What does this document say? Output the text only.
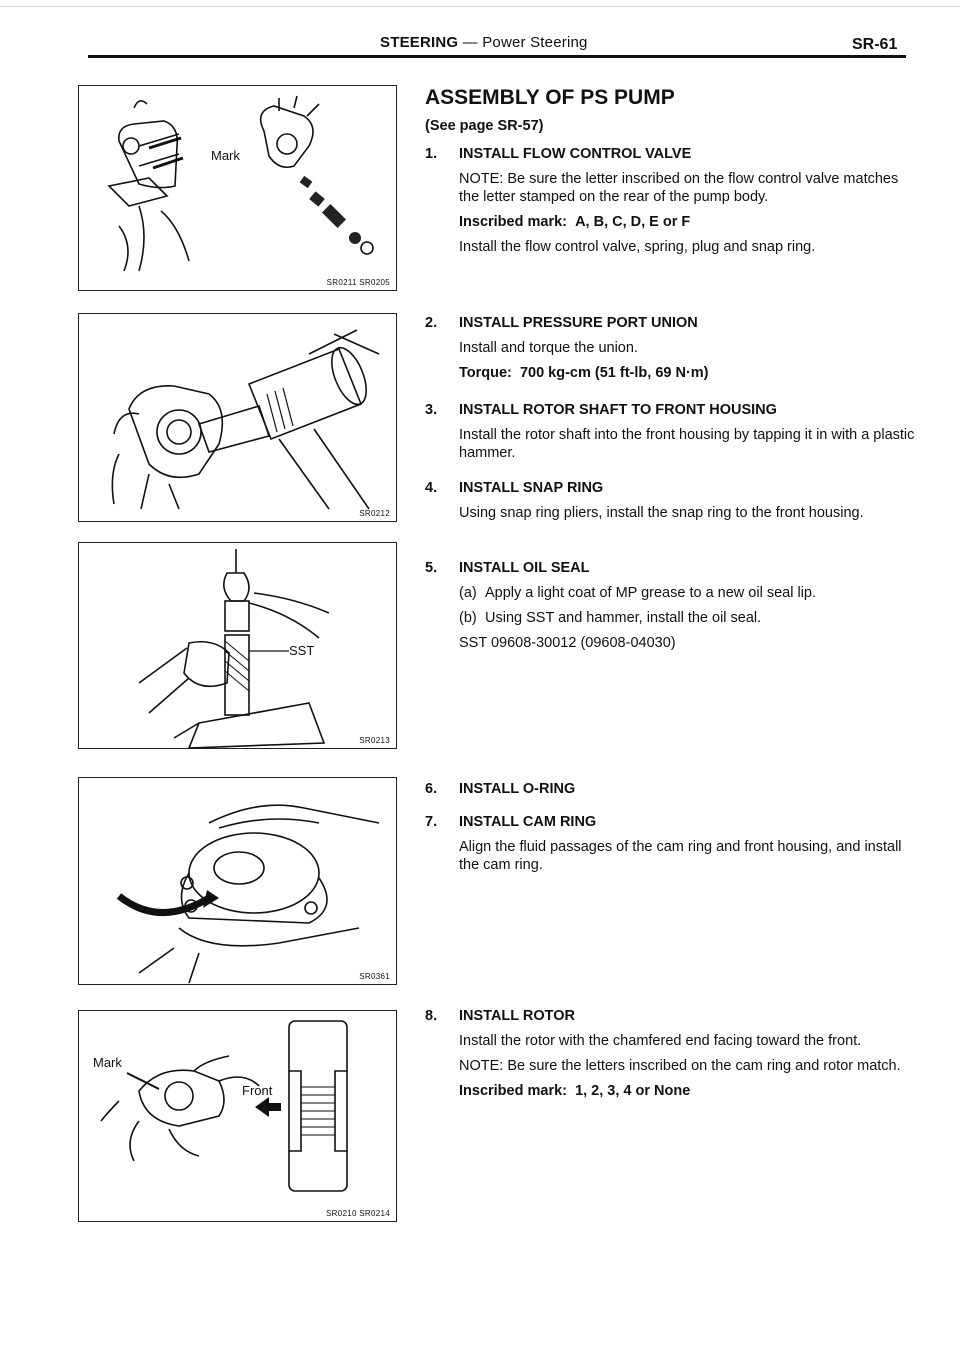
STEERING — Power Steering	SR-61
Mark
SR0211 SR0205
SR0212
SST
SR0213
SR0361
Mark
Front
SR0210 SR0214
ASSEMBLY OF PS PUMP
(See page SR-57)
1. INSTALL FLOW CONTROL VALVE
NOTE: Be sure the letter inscribed on the flow control valve matches the letter stamped on the rear of the pump body.
Inscribed mark: A, B, C, D, E or F
Install the flow control valve, spring, plug and snap ring.
2. INSTALL PRESSURE PORT UNION
Install and torque the union.
Torque: 700 kg-cm (51 ft-lb, 69 N·m)
3. INSTALL ROTOR SHAFT TO FRONT HOUSING
Install the rotor shaft into the front housing by tapping it in with a plastic hammer.
4. INSTALL SNAP RING
Using snap ring pliers, install the snap ring to the front housing.
5. INSTALL OIL SEAL
(a) Apply a light coat of MP grease to a new oil seal lip.
(b) Using SST and hammer, install the oil seal.
SST 09608-30012 (09608-04030)
6. INSTALL O-RING
7. INSTALL CAM RING
Align the fluid passages of the cam ring and front housing, and install the cam ring.
8. INSTALL ROTOR
Install the rotor with the chamfered end facing toward the front.
NOTE: Be sure the letters inscribed on the cam ring and rotor match.
Inscribed mark: 1, 2, 3, 4 or None
